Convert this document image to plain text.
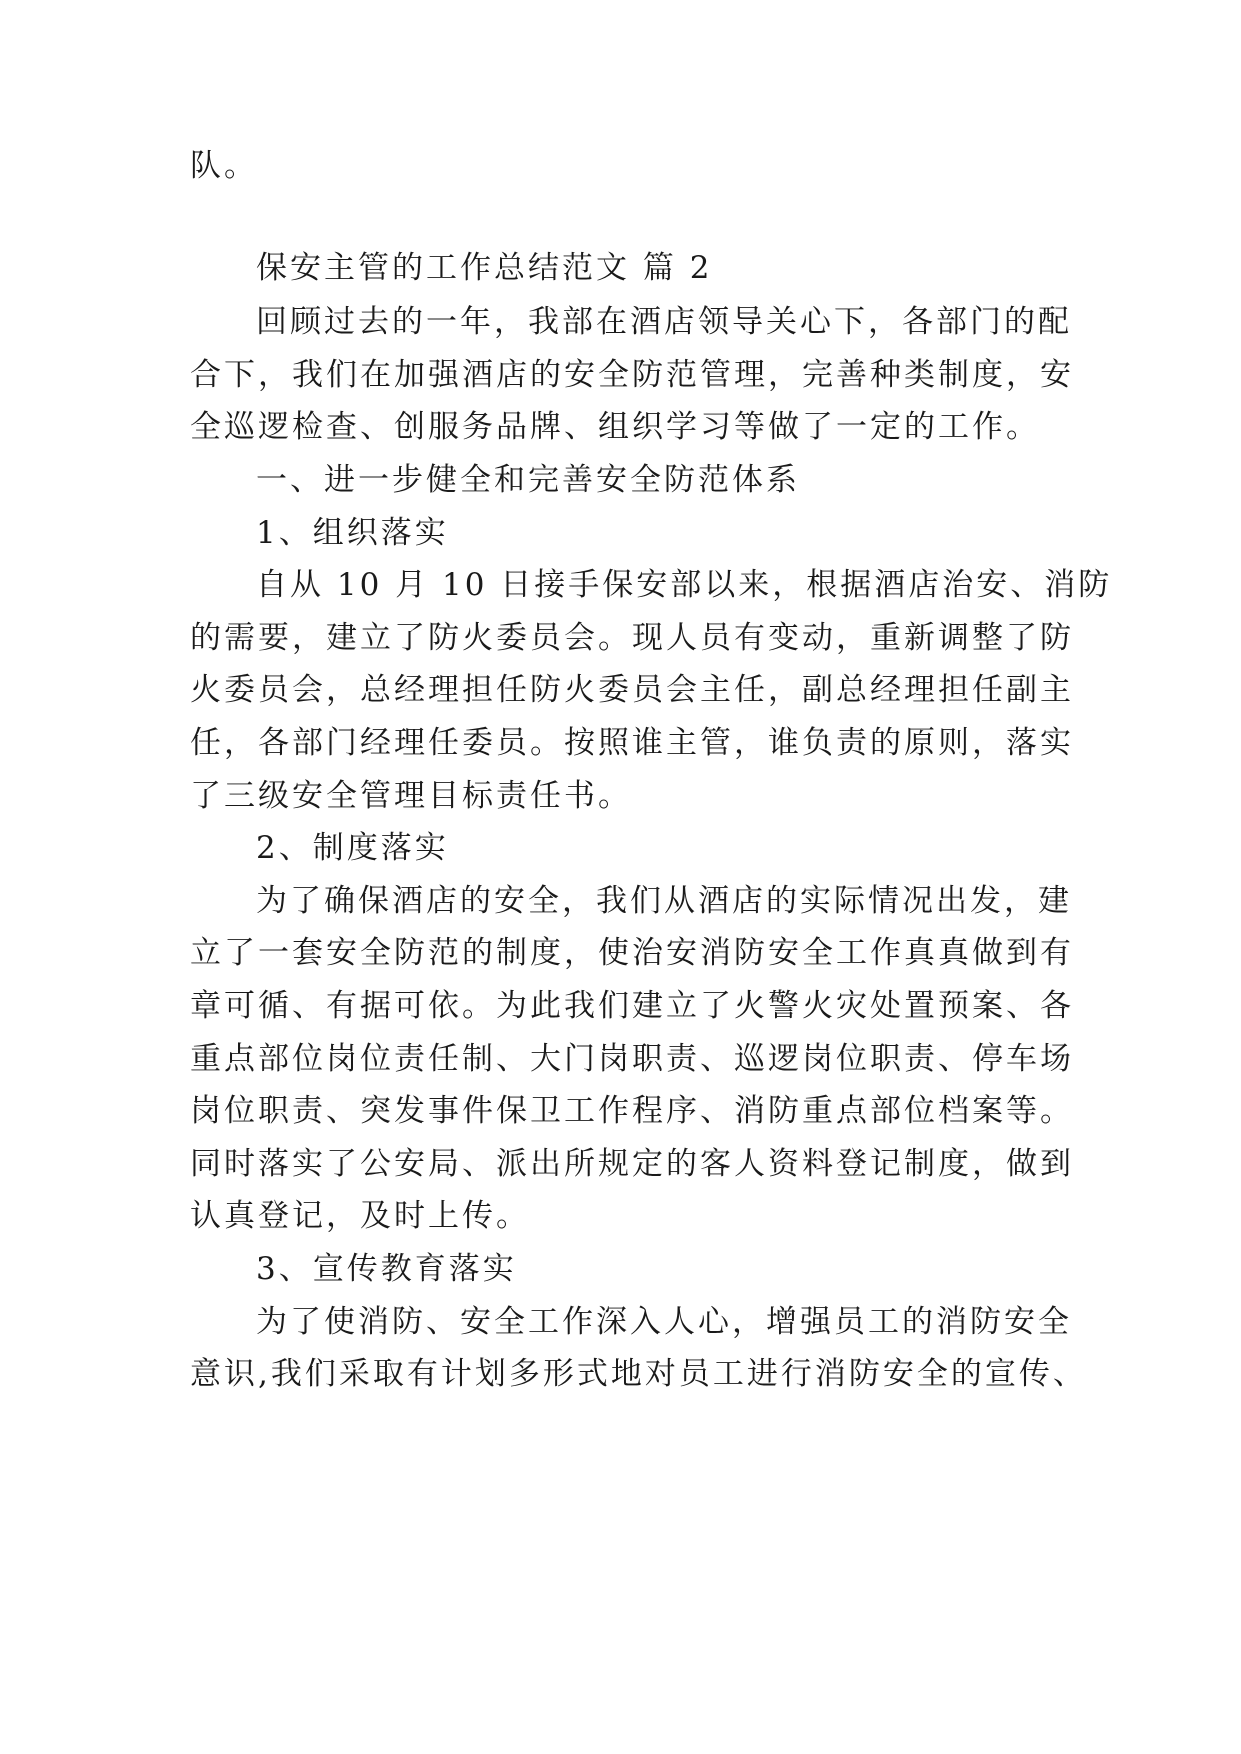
队。
保安主管的工作总结范文 篇 2
回顾过去的一年，我部在酒店领导关心下，各部门的配
合下，我们在加强酒店的安全防范管理，完善种类制度，安
全巡逻检查、创服务品牌、组织学习等做了一定的工作。
一、进一步健全和完善安全防范体系
1、组织落实
自从 10 月 10 日接手保安部以来，根据酒店治安、消防
的需要，建立了防火委员会。现人员有变动，重新调整了防
火委员会，总经理担任防火委员会主任，副总经理担任副主
任，各部门经理任委员。按照谁主管，谁负责的原则，落实
了三级安全管理目标责任书。
2、制度落实
为了确保酒店的安全，我们从酒店的实际情况出发，建
立了一套安全防范的制度，使治安消防安全工作真真做到有
章可循、有据可依。为此我们建立了火警火灾处置预案、各
重点部位岗位责任制、大门岗职责、巡逻岗位职责、停车场
岗位职责、突发事件保卫工作程序、消防重点部位档案等。
同时落实了公安局、派出所规定的客人资料登记制度，做到
认真登记，及时上传。
3、宣传教育落实
为了使消防、安全工作深入人心，增强员工的消防安全
意识,我们采取有计划多形式地对员工进行消防安全的宣传、
